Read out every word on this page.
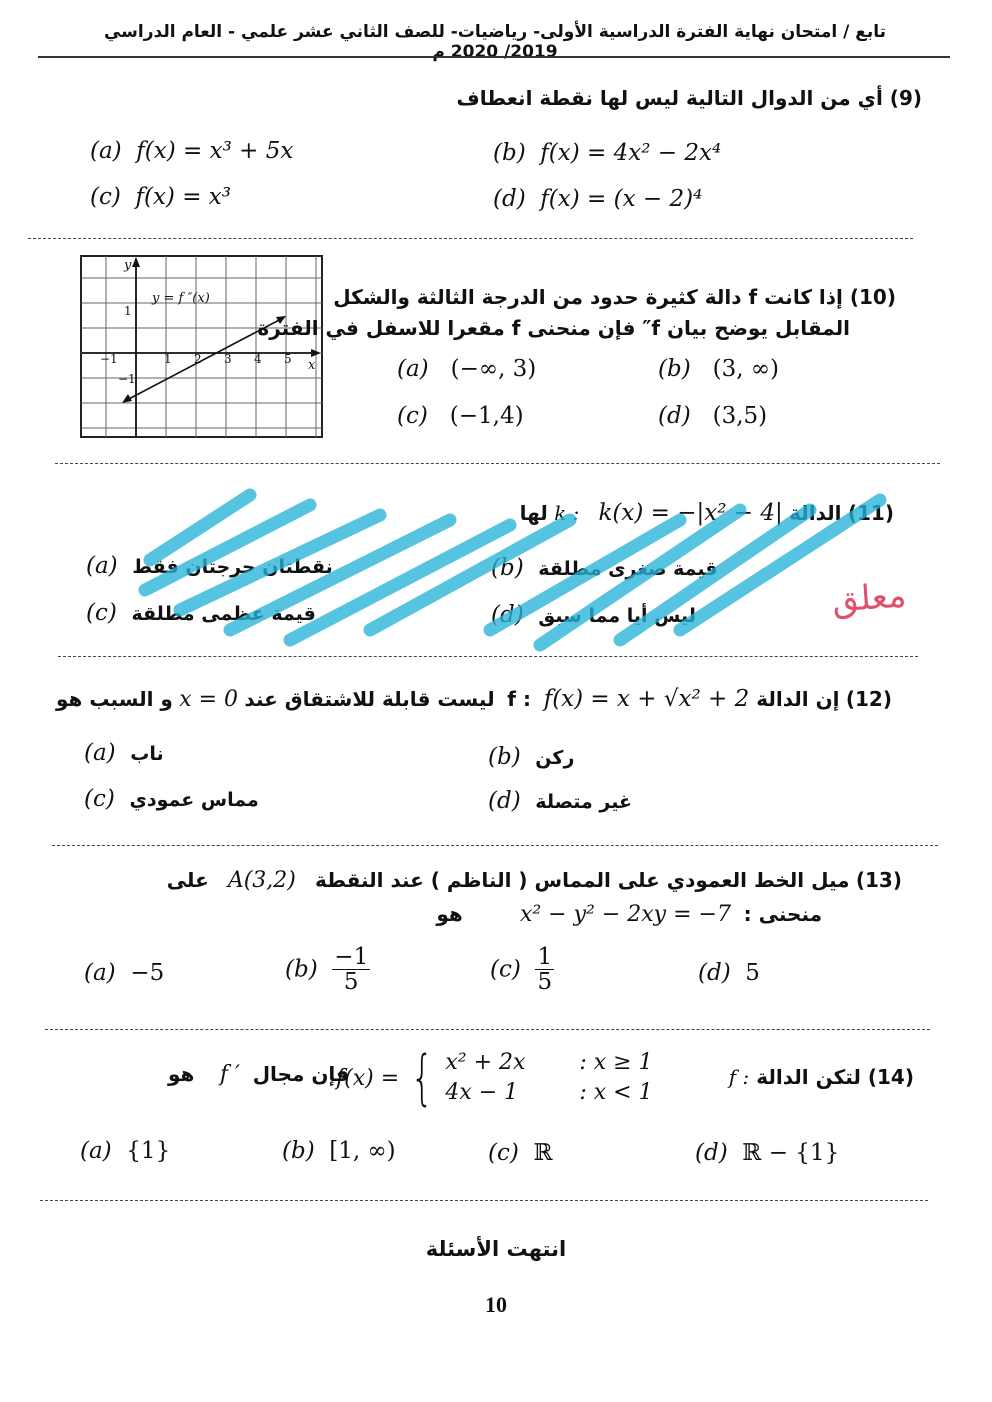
تابع / امتحان نهاية الفترة الدراسية الأولى- رياضيات- للصف الثاني عشر علمي - العام الدراسي 2019/ 2020 م
(9) أي من الدوال التالية ليس لها نقطة انعطاف
(a) f(x) = x³ + 5x	(b) f(x) = 4x² − 2x⁴
(c) f(x) = x³	(d) f(x) = (x − 2)⁴
y
x
y = f ″(x)
−1	1 2 3 4 5
1
−1
(10) إذا كانت f دالة كثيرة حدود من الدرجة الثالثة والشكل
المقابل يوضح بيان f″ فإن منحنى f مقعرا للاسفل في الفترة
(a) (−∞, 3)	(b) (3, ∞)
(c) (−1,4)	(d) (3,5)
(11) الدالة k : k(x) = −|x² − 4| لها
(a) نقطتان حرجتان فقط	(b) قيمة صغرى مطلقة
(c) قيمة عظمى مطلقة	(d) ليس أيا مما سبق	معلق
(12) إن الدالة f :  f(x) = x + √x² + 2  ليست قابلة للاشتقاق عند x = 0 و السبب هو
(a) ناب	(b) ركن
(c) مماس عمودي	(d) غير متصلة
(13) ميل الخط العمودي على المماس ( الناظم ) عند النقطة   A(3,2)   على
منحنى :  x² − y² − 2xy = −7         هو
(a) −5	$(b) \frac{-1}{5}$	$(c) \frac{1}{5}$	(d) 5
(14) لتكن الدالة f :
f(x) = { x² + 2x	: x ≥ 1
4x − 1	: x < 1
فإن مجال  f ′    هو
(a) {1}	(b) [1, ∞)	(c) ℝ	(d) ℝ − {1}
انتهت الأسئلة
10
